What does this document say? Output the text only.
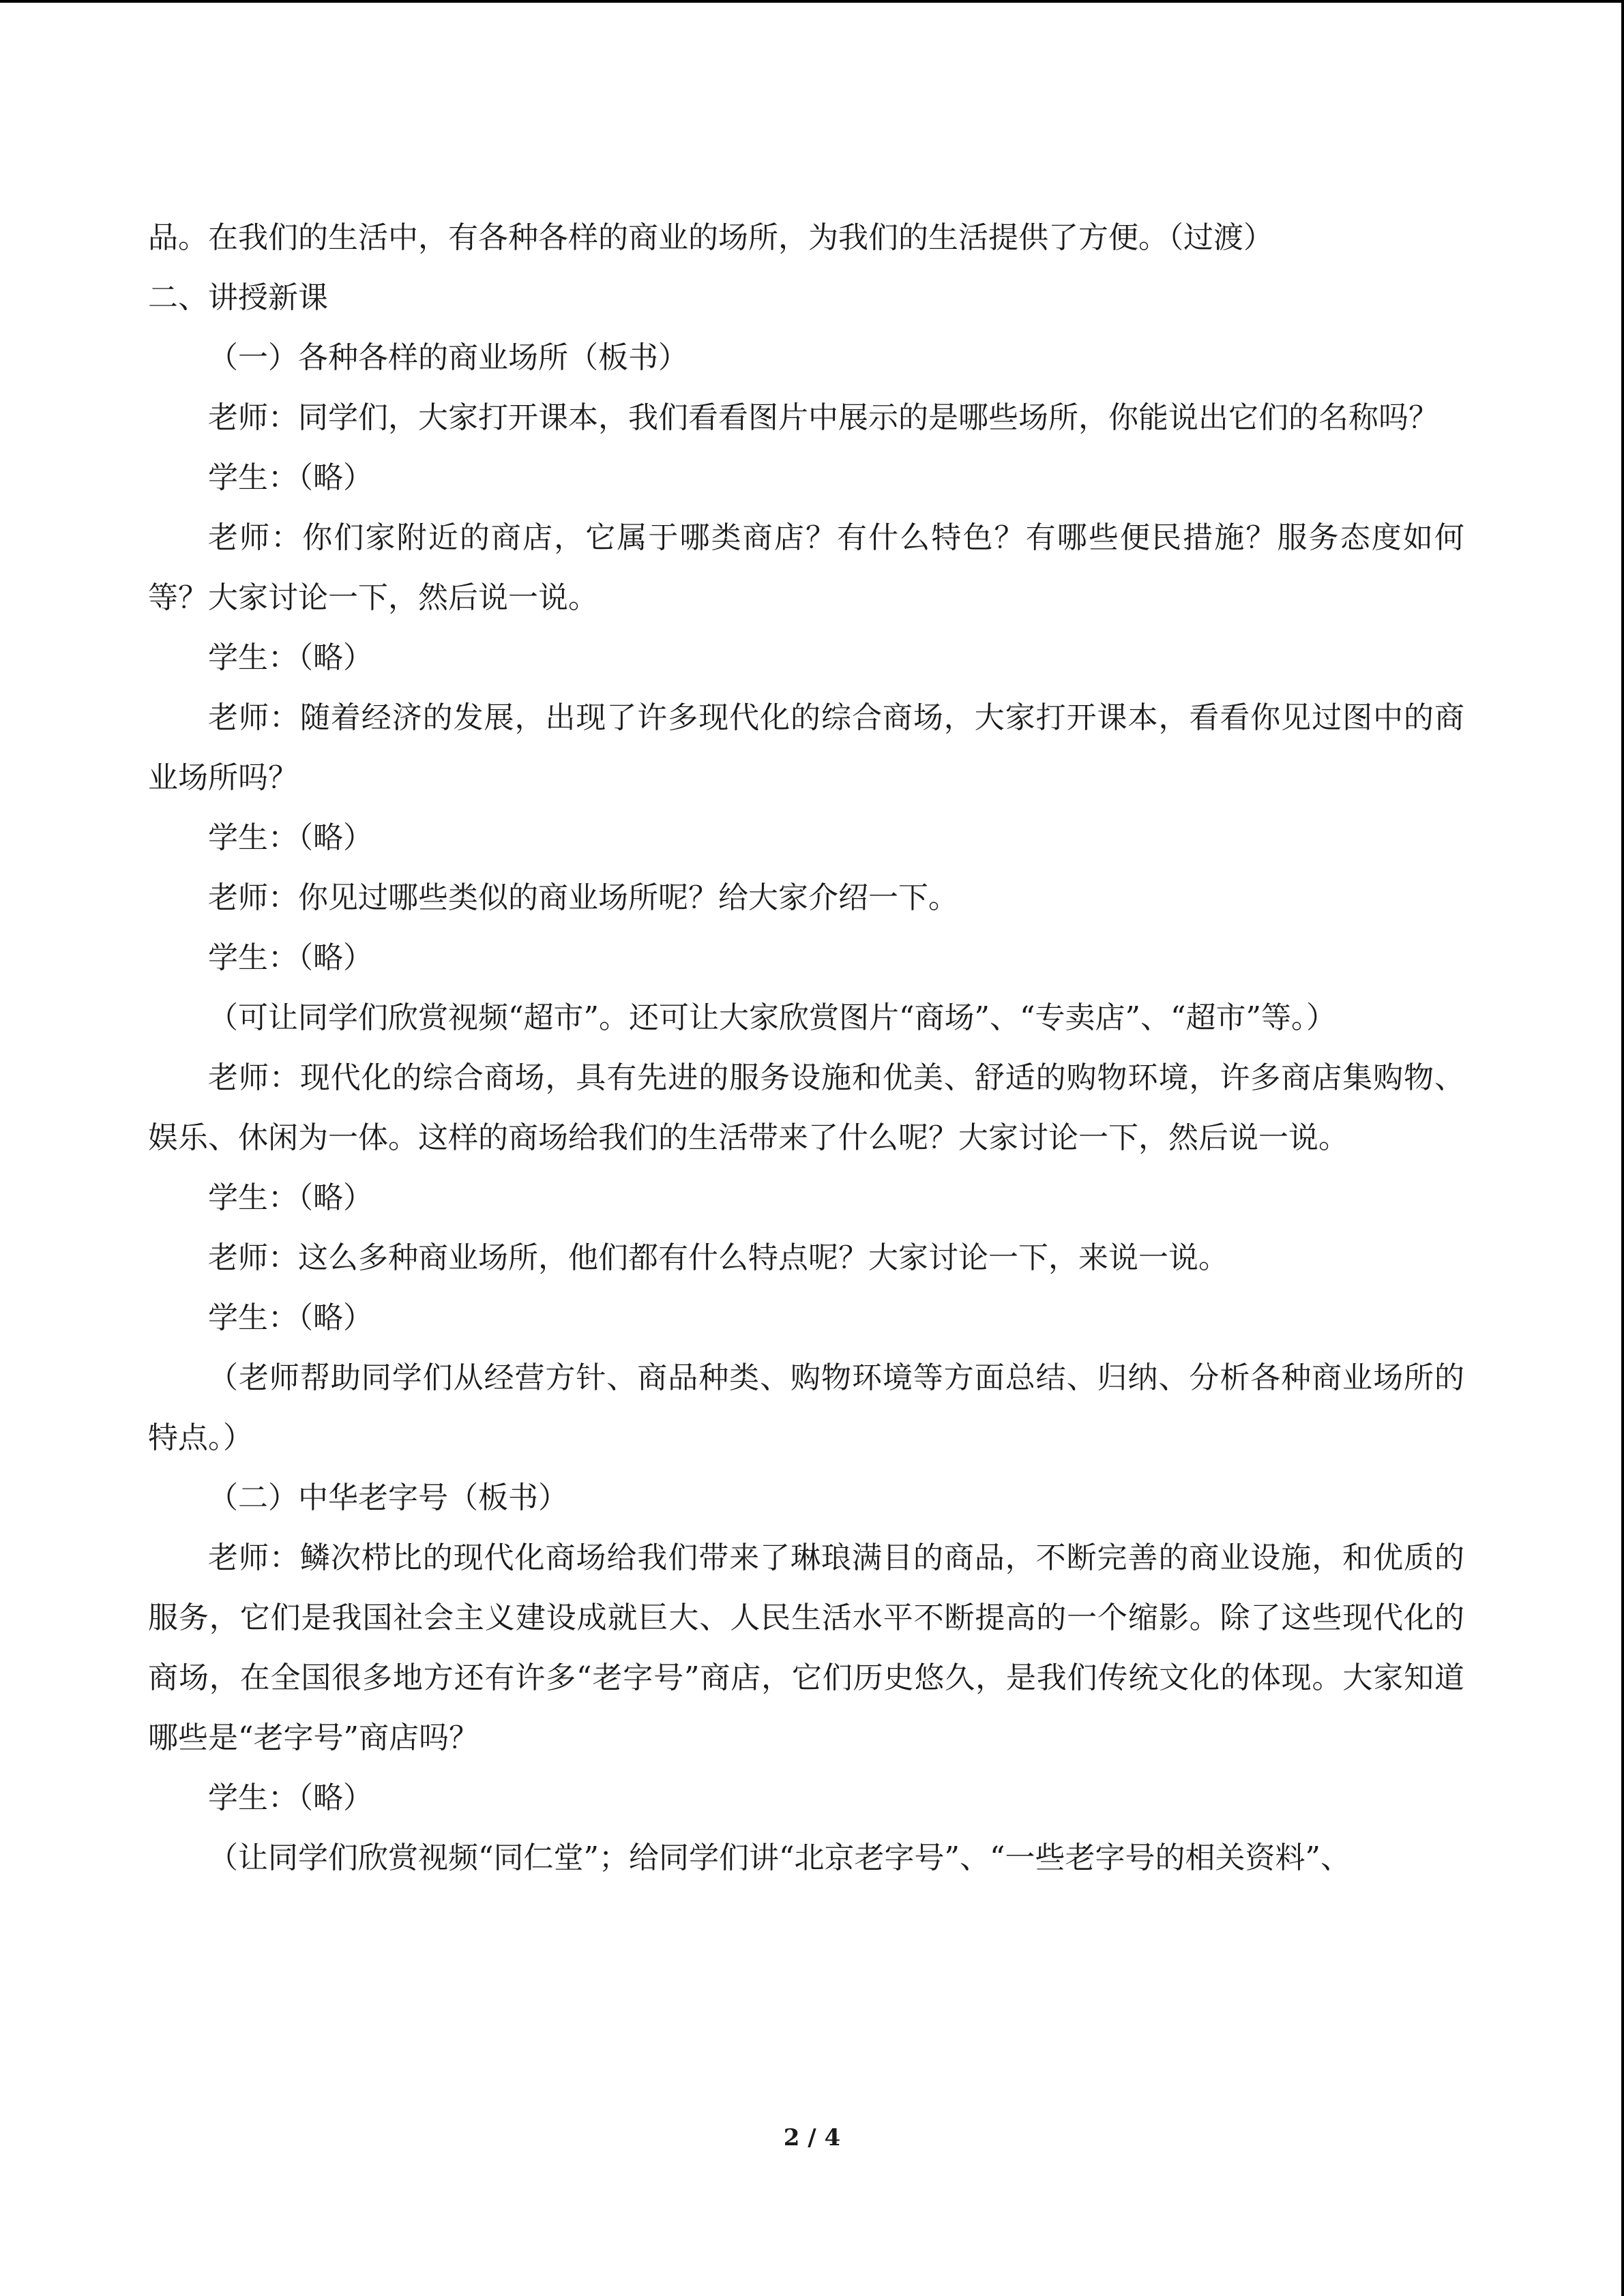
品。在我们的生活中，有各种各样的商业的场所，为我们的生活提供了方便。（过渡）

二、讲授新课

（一）各种各样的商业场所（板书）

老师：同学们，大家打开课本，我们看看图片中展示的是哪些场所，你能说出它们的名称吗？

学生：（略）

老师：你们家附近的商店，它属于哪类商店？有什么特色？有哪些便民措施？服务态度如何等？大家讨论一下，然后说一说。

学生：（略）

老师：随着经济的发展，出现了许多现代化的综合商场，大家打开课本，看看你见过图中的商业场所吗？

学生：（略）

老师：你见过哪些类似的商业场所呢？给大家介绍一下。

学生：（略）

（可让同学们欣赏视频“超市”。还可让大家欣赏图片“商场”、“专卖店”、“超市”等。）

老师：现代化的综合商场，具有先进的服务设施和优美、舒适的购物环境，许多商店集购物、娱乐、休闲为一体。这样的商场给我们的生活带来了什么呢？大家讨论一下，然后说一说。

学生：（略）

老师：这么多种商业场所，他们都有什么特点呢？大家讨论一下，来说一说。

学生：（略）

（老师帮助同学们从经营方针、商品种类、购物环境等方面总结、归纳、分析各种商业场所的特点。）

（二）中华老字号（板书）

老师：鳞次栉比的现代化商场给我们带来了琳琅满目的商品，不断完善的商业设施，和优质的服务，它们是我国社会主义建设成就巨大、人民生活水平不断提高的一个缩影。除了这些现代化的商场，在全国很多地方还有许多“老字号”商店，它们历史悠久，是我们传统文化的体现。大家知道哪些是“老字号”商店吗？

学生：（略）

（让同学们欣赏视频“同仁堂”；给同学们讲“北京老字号”、“一些老字号的相关资料”、

2 / 4
